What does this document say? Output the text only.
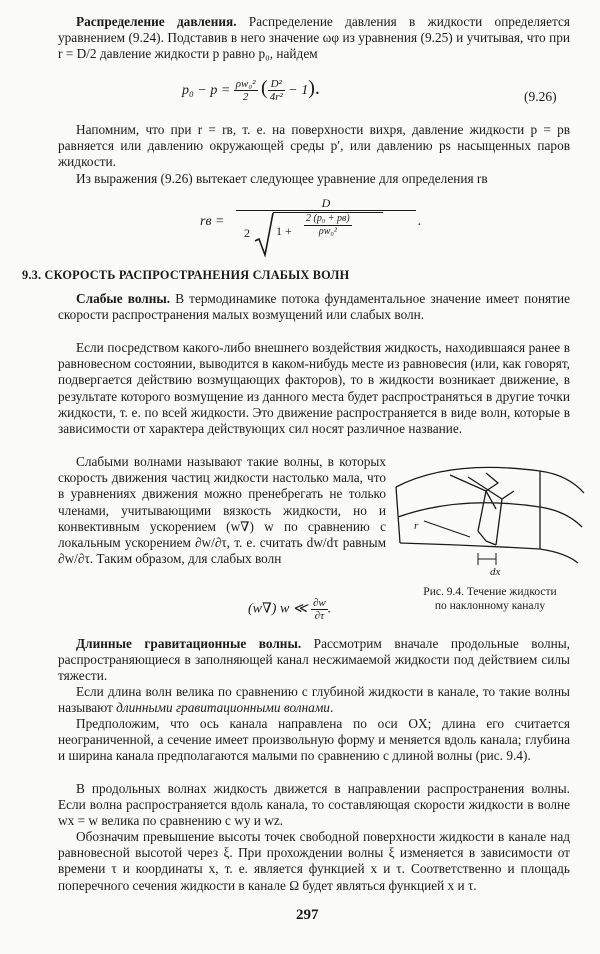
Распределение давления. Распределение давления в жидкости определяется уравнением (9.24). Подставив в него значение ωφ из уравнения (9.25) и учитывая, что при r = D/2 давление жидкости p равно p₀, найдем
$p_0 - p = \frac{\text{ρw₀²}}{2}$ ( $\frac{\text{D²}}{\text{4r²}} - 1$).	(9.26)
Напомним, что при r = rв, т. е. на поверхности вихря, давление жидкости p = pв равняется или давлению окружающей среды p′, или давлению ps насыщенных паров жидкости.
Из выражения (9.26) вытекает следующее уравнение для определения rв
rв =
D
2 1 +
2 (p₀ + pв)
ρw₀²
.
9.3. СКОРОСТЬ РАСПРОСТРАНЕНИЯ СЛАБЫХ ВОЛН
Слабые волны. В термодинамике потока фундаментальное значение имеет понятие скорости распространения малых возмущений или слабых волн.
Если посредством какого-либо внешнего воздействия жидкость, находившаяся ранее в равновесном состоянии, выводится в каком-нибудь месте из равновесия (или, как говорят, подвергается действию возмущающих факторов), то в жидкости возникает движение, в результате которого возмущение из данного места будет распространяться в другие точки жидкости, т. е. по всей жидкости. Это движение распространяется в виде волн, которые в зависимости от характера действующих сил носят различное название.
Слабыми волнами называют такие волны, в которых скорость движения частиц жидкости настолько мала, что в уравнениях движения можно пренебрегать не только членами, учитывающими вязкость жидкости, но и конвективным ускорением (w∇) w по сравнению с локальным ускорением ∂w/∂τ, т. е. считать dw/dτ равным ∂w/∂τ. Таким образом, для слабых волн
(w∇) w ≪ $\frac{\partial w}{\partial\tau}$ .
r
dx
Рис. 9.4. Течение жидкости
по наклонному каналу
Длинные гравитационные волны. Рассмотрим вначале продольные волны, распространяющиеся в заполняющей канал несжимаемой жидкости под действием силы тяжести.
Если длина волн велика по сравнению с глубиной жидкости в канале, то такие волны называют длинными гравитационными волнами.
Предположим, что ось канала направлена по оси OX; длина его считается неограниченной, а сечение имеет произвольную форму и меняется вдоль канала; глубина и ширина канала предполагаются малыми по сравнению с длиной волны (рис. 9.4).
В продольных волнах жидкость движется в направлении распространения волны. Если волна распространяется вдоль канала, то составляющая скорости жидкости в волне wx = w велика по сравнению с wy и wz.
Обозначим превышение высоты точек свободной поверхности жидкости в канале над равновесной высотой через ξ. При прохождении волны ξ изменяется в зависимости от времени τ и координаты x, т. е. является функцией x и τ. Соответственно и площадь поперечного сечения жидкости в канале Ω будет являться функцией x и τ.
297
